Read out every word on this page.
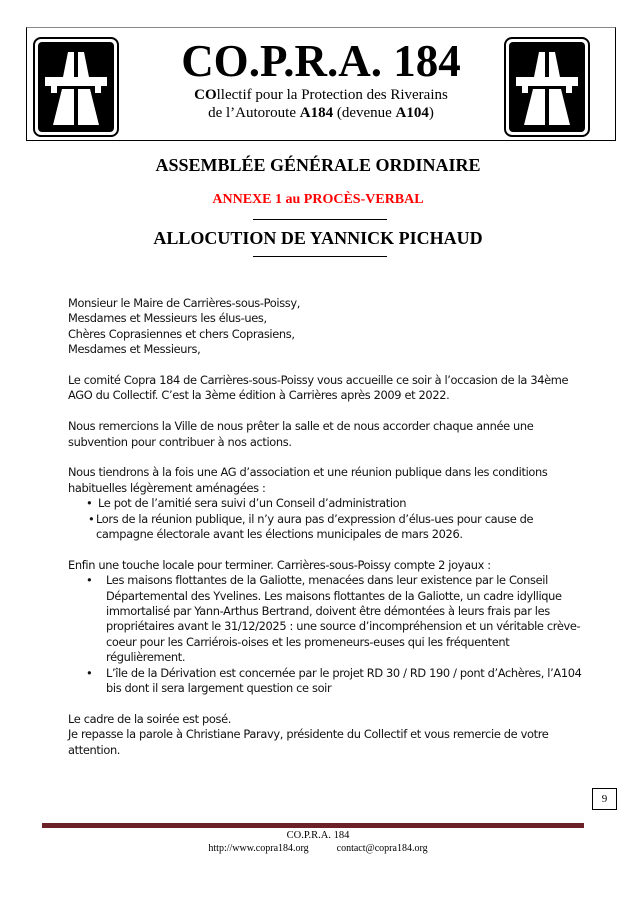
CO.P.R.A. 184
COllectif pour la Protection des Riverains
de l’Autoroute A184 (devenue A104)
ASSEMBLÉE GÉNÉRALE ORDINAIRE
ANNEXE 1 au PROCÈS-VERBAL
ALLOCUTION DE YANNICK PICHAUD

Monsieur le Maire de Carrières-sous-Poissy,

Mesdames et Messieurs les élus-ues,

Chères Coprasiennes et chers Coprasiens,

Mesdames et Messieurs,

Le comité Copra 184 de Carrières-sous-Poissy vous accueille ce soir à l’occasion de la 34ème AGO du Collectif. C’est la 3ème édition à Carrières après 2009 et 2022.

Nous remercions la Ville de nous prêter la salle et de nous accorder chaque année une subvention pour contribuer à nos actions.

Nous tiendrons à la fois une AG d’association et une réunion publique dans les conditions habituelles légèrement aménagées :

• Le pot de l’amitié sera suivi d’un Conseil d’administration
• Lors de la réunion publique, il n’y aura pas d’expression d’élus-ues pour cause de campagne électorale avant les élections municipales de mars 2026.

Enfin une touche locale pour terminer. Carrières-sous-Poissy compte 2 joyaux :

• Les maisons flottantes de la Galiotte, menacées dans leur existence par le Conseil Départemental des Yvelines. Les maisons flottantes de la Galiotte, un cadre idyllique immortalisé par Yann-Arthus Bertrand, doivent être démontées à leurs frais par les propriétaires avant le 31/12/2025 : une source d’incompréhension et un véritable crève-coeur pour les Carriérois-oises et les promeneurs-euses qui les fréquentent régulièrement.
• L’île de la Dérivation est concernée par le projet RD 30 / RD 190 / pont d’Achères, l’A104 bis dont il sera largement question ce soir

Le cadre de la soirée est posé.

Je repasse la parole à Christiane Paravy, présidente du Collectif et vous remercie de votre attention.

9
CO.P.R.A. 184
http://www.copra184.org	contact@copra184.org
